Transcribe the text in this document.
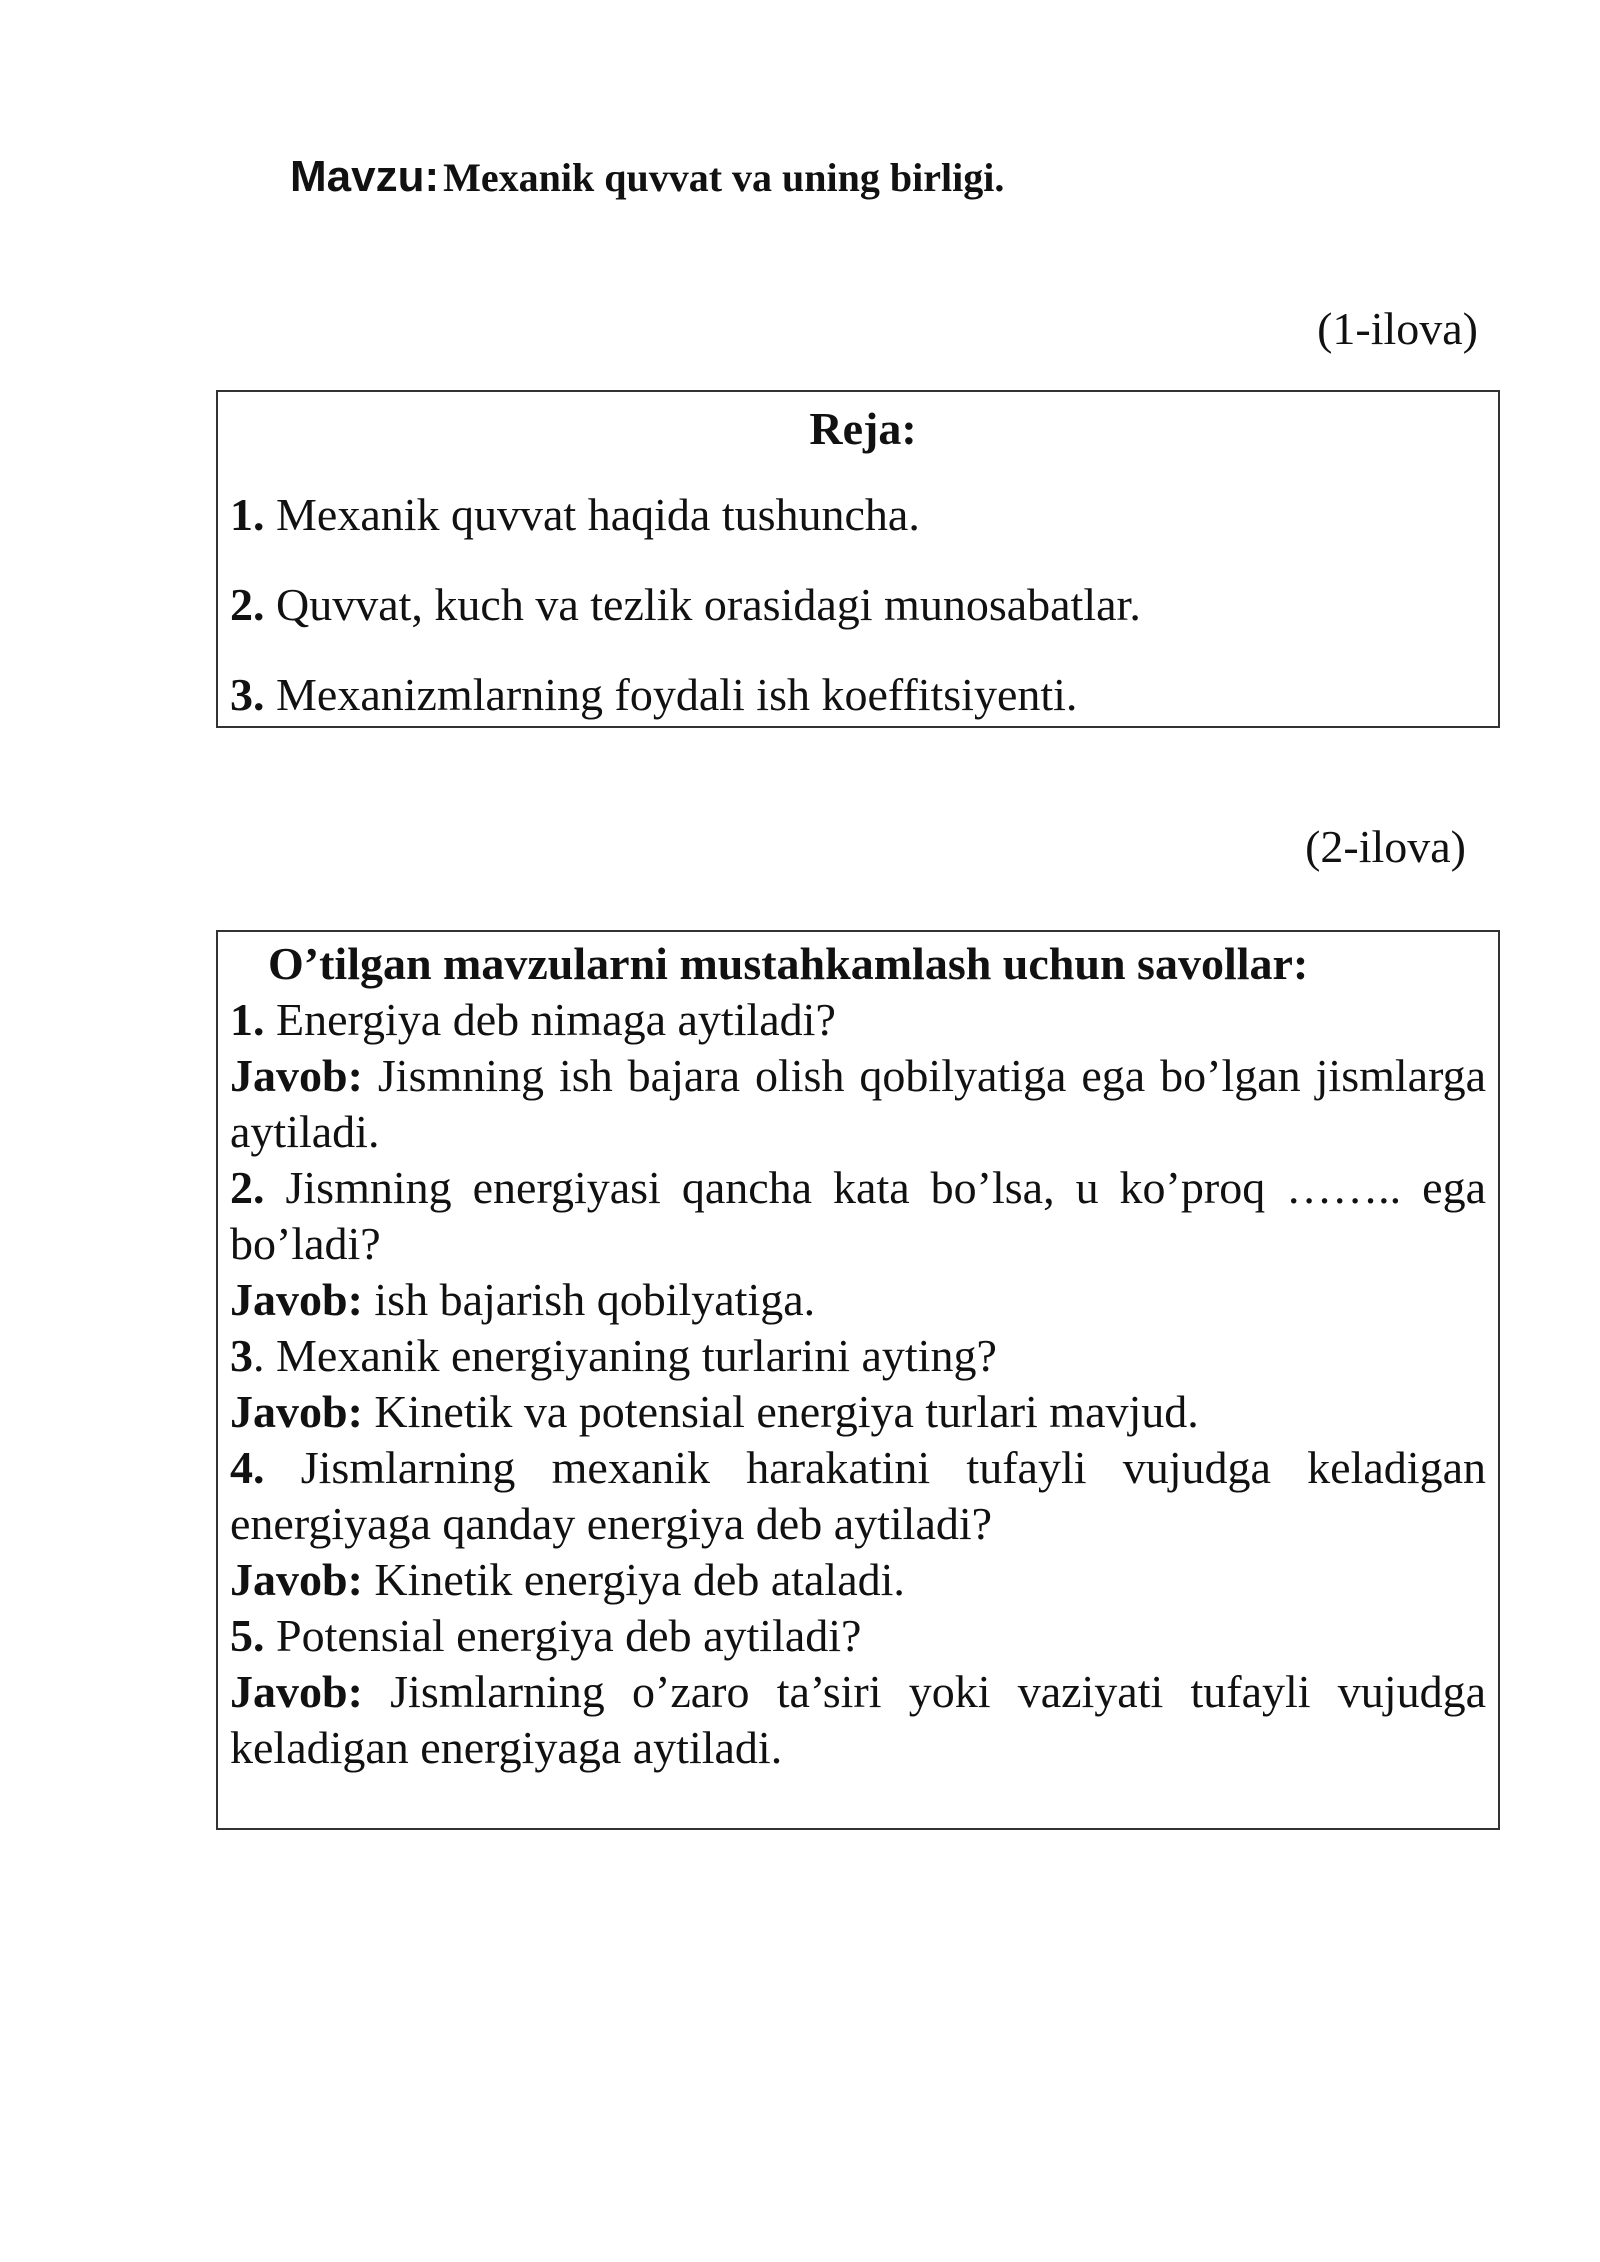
Mavzu: Mexanik quvvat va uning birligi.
(1-ilova)
Reja:
1. Mexanik quvvat haqida tushuncha.
2. Quvvat, kuch va tezlik orasidagi munosabatlar.
3. Mexanizmlarning foydali ish koeffitsiyenti.
(2-ilova)
O’tilgan mavzularni mustahkamlash uchun savollar:
1. Energiya deb nimaga aytiladi?
Javob: Jismning ish bajara olish qobilyatiga ega bo’lgan jismlarga aytiladi.
2. Jismning energiyasi qancha kata bo’lsa, u ko’proq …….. ega bo’ladi?
Javob: ish bajarish qobilyatiga.
3. Mexanik energiyaning turlarini ayting?
Javob: Kinetik va potensial energiya turlari mavjud.
4. Jismlarning mexanik harakatini tufayli vujudga keladigan energiyaga qanday energiya deb aytiladi?
Javob: Kinetik energiya deb ataladi.
5. Potensial energiya deb aytiladi?
Javob: Jismlarning o’zaro ta’siri yoki vaziyati tufayli vujudga keladigan energiyaga aytiladi.
